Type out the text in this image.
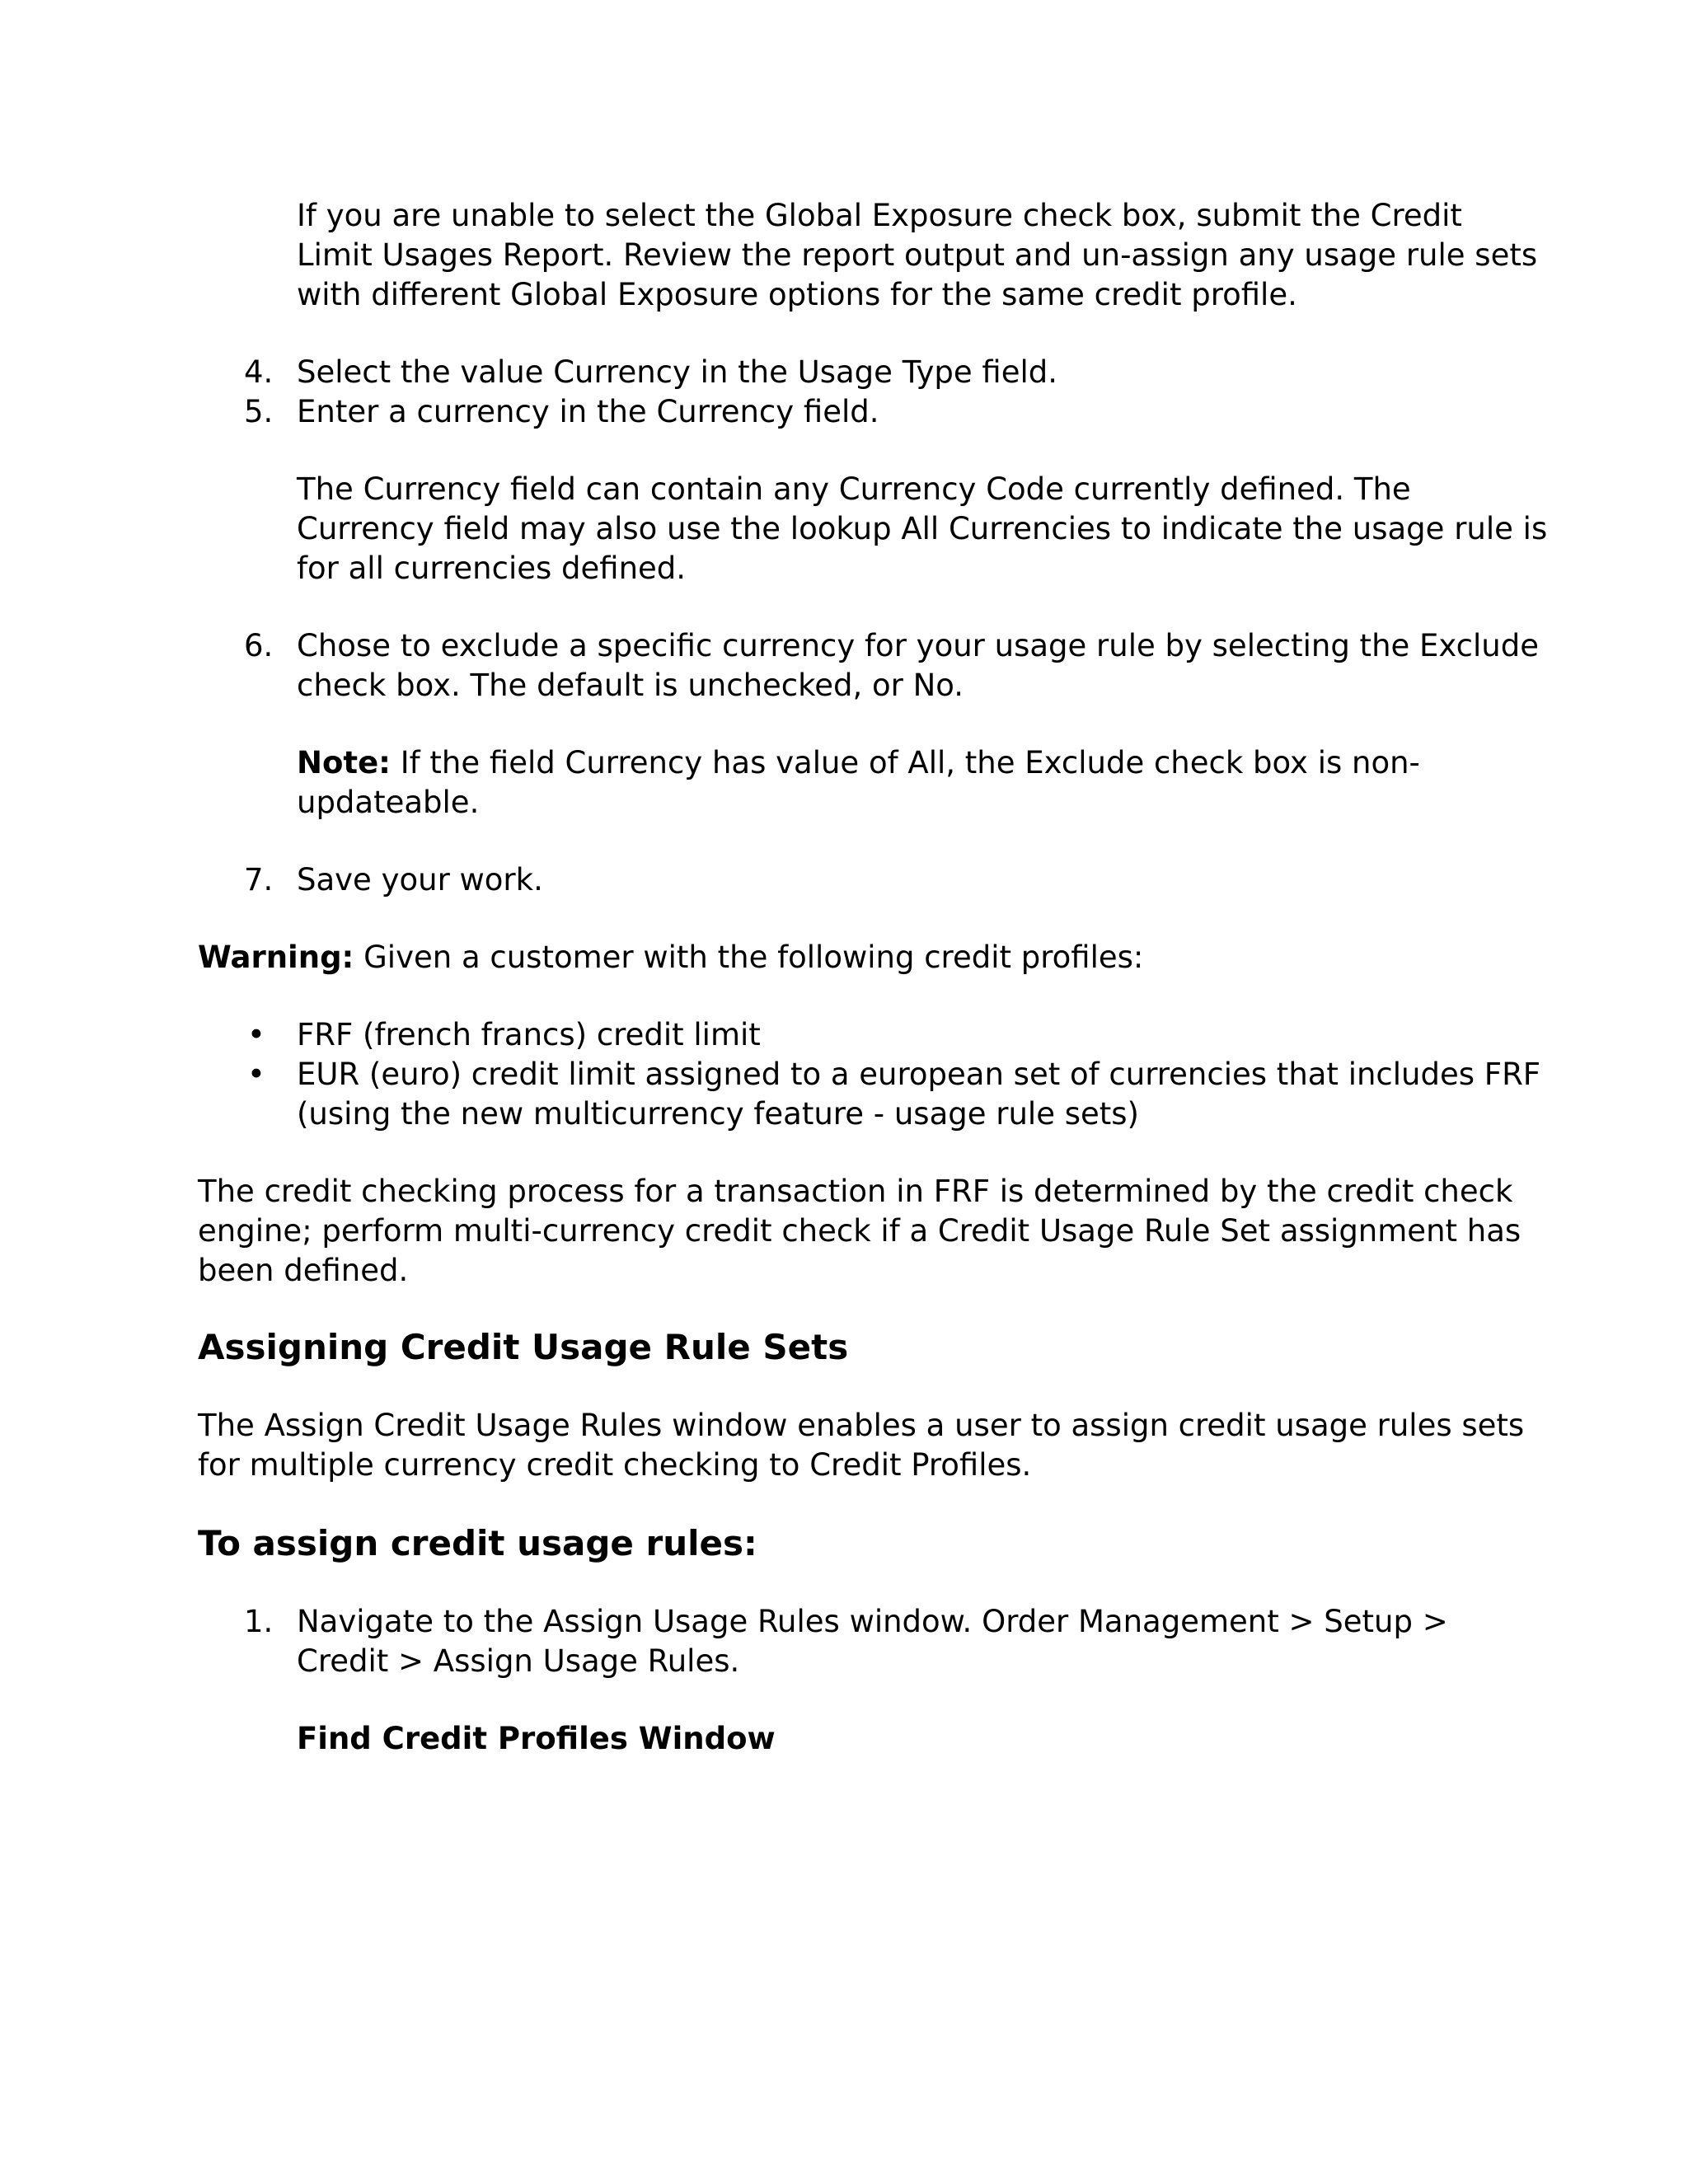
If you are unable to select the Global Exposure check box, submit the Credit
Limit Usages Report. Review the report output and un-assign any usage rule sets
with different Global Exposure options for the same credit profile.
4. Select the value Currency in the Usage Type field.
5. Enter a currency in the Currency field.
The Currency field can contain any Currency Code currently defined. The
Currency field may also use the lookup All Currencies to indicate the usage rule is
for all currencies defined.
6. Chose to exclude a specific currency for your usage rule by selecting the Exclude
check box. The default is unchecked, or No.
Note: If the field Currency has value of All, the Exclude check box is non-
updateable.
7. Save your work.
Warning: Given a customer with the following credit profiles:
• FRF (french francs) credit limit
• EUR (euro) credit limit assigned to a european set of currencies that includes FRF
(using the new multicurrency feature - usage rule sets)
The credit checking process for a transaction in FRF is determined by the credit check
engine; perform multi-currency credit check if a Credit Usage Rule Set assignment has
been defined.
Assigning Credit Usage Rule Sets
The Assign Credit Usage Rules window enables a user to assign credit usage rules sets
for multiple currency credit checking to Credit Profiles.
To assign credit usage rules:
1. Navigate to the Assign Usage Rules window. Order Management > Setup >
Credit > Assign Usage Rules.
Find Credit Profiles Window
